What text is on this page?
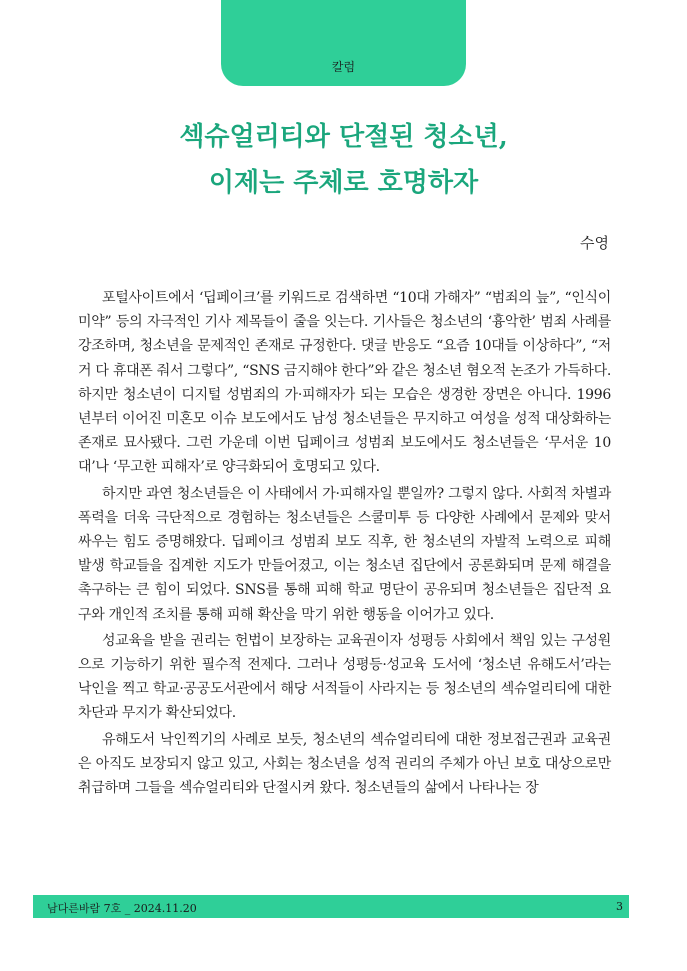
칼럼
섹슈얼리티와 단절된 청소년,
이제는 주체로 호명하자
수영

포털사이트에서 ‘딥페이크’를 키워드로 검색하면 “10대 가해자” “범죄의 늪”, “인식이 미약” 등의 자극적인 기사 제목들이 줄을 잇는다. 기사들은 청소년의 ‘흉악한’ 범죄 사례를 강조하며, 청소년을 문제적인 존재로 규정한다. 댓글 반응도 “요즘 10대들 이상하다”, “저거 다 휴대폰 줘서 그렇다”, “SNS 금지해야 한다”와 같은 청소년 혐오적 논조가 가득하다. 하지만 청소년이 디지털 성범죄의 가·피해자가 되는 모습은 생경한 장면은 아니다. 1996년부터 이어진 미혼모 이슈 보도에서도 남성 청소년들은 무지하고 여성을 성적 대상화하는 존재로 묘사됐다. 그런 가운데 이번 딥페이크 성범죄 보도에서도 청소년들은 ‘무서운 10대’나 ‘무고한 피해자’로 양극화되어 호명되고 있다.

하지만 과연 청소년들은 이 사태에서 가·피해자일 뿐일까? 그렇지 않다. 사회적 차별과 폭력을 더욱 극단적으로 경험하는 청소년들은 스쿨미투 등 다양한 사례에서 문제와 맞서 싸우는 힘도 증명해왔다. 딥페이크 성범죄 보도 직후, 한 청소년의 자발적 노력으로 피해 발생 학교들을 집계한 지도가 만들어졌고, 이는 청소년 집단에서 공론화되며 문제 해결을 촉구하는 큰 힘이 되었다. SNS를 통해 피해 학교 명단이 공유되며 청소년들은 집단적 요구와 개인적 조치를 통해 피해 확산을 막기 위한 행동을 이어가고 있다.

성교육을 받을 권리는 헌법이 보장하는 교육권이자 성평등 사회에서 책임 있는 구성원으로 기능하기 위한 필수적 전제다. 그러나 성평등·성교육 도서에 ‘청소년 유해도서’라는 낙인을 찍고 학교·공공도서관에서 해당 서적들이 사라지는 등 청소년의 섹슈얼리티에 대한 차단과 무지가 확산되었다.

유해도서 낙인찍기의 사례로 보듯, 청소년의 섹슈얼리티에 대한 정보접근권과 교육권은 아직도 보장되지 않고 있고, 사회는 청소년을 성적 권리의 주체가 아닌 보호 대상으로만 취급하며 그들을 섹슈얼리티와 단절시켜 왔다. 청소년들의 삶에서 나타나는 장

남다른바람 7호 _ 2024.11.20	3
